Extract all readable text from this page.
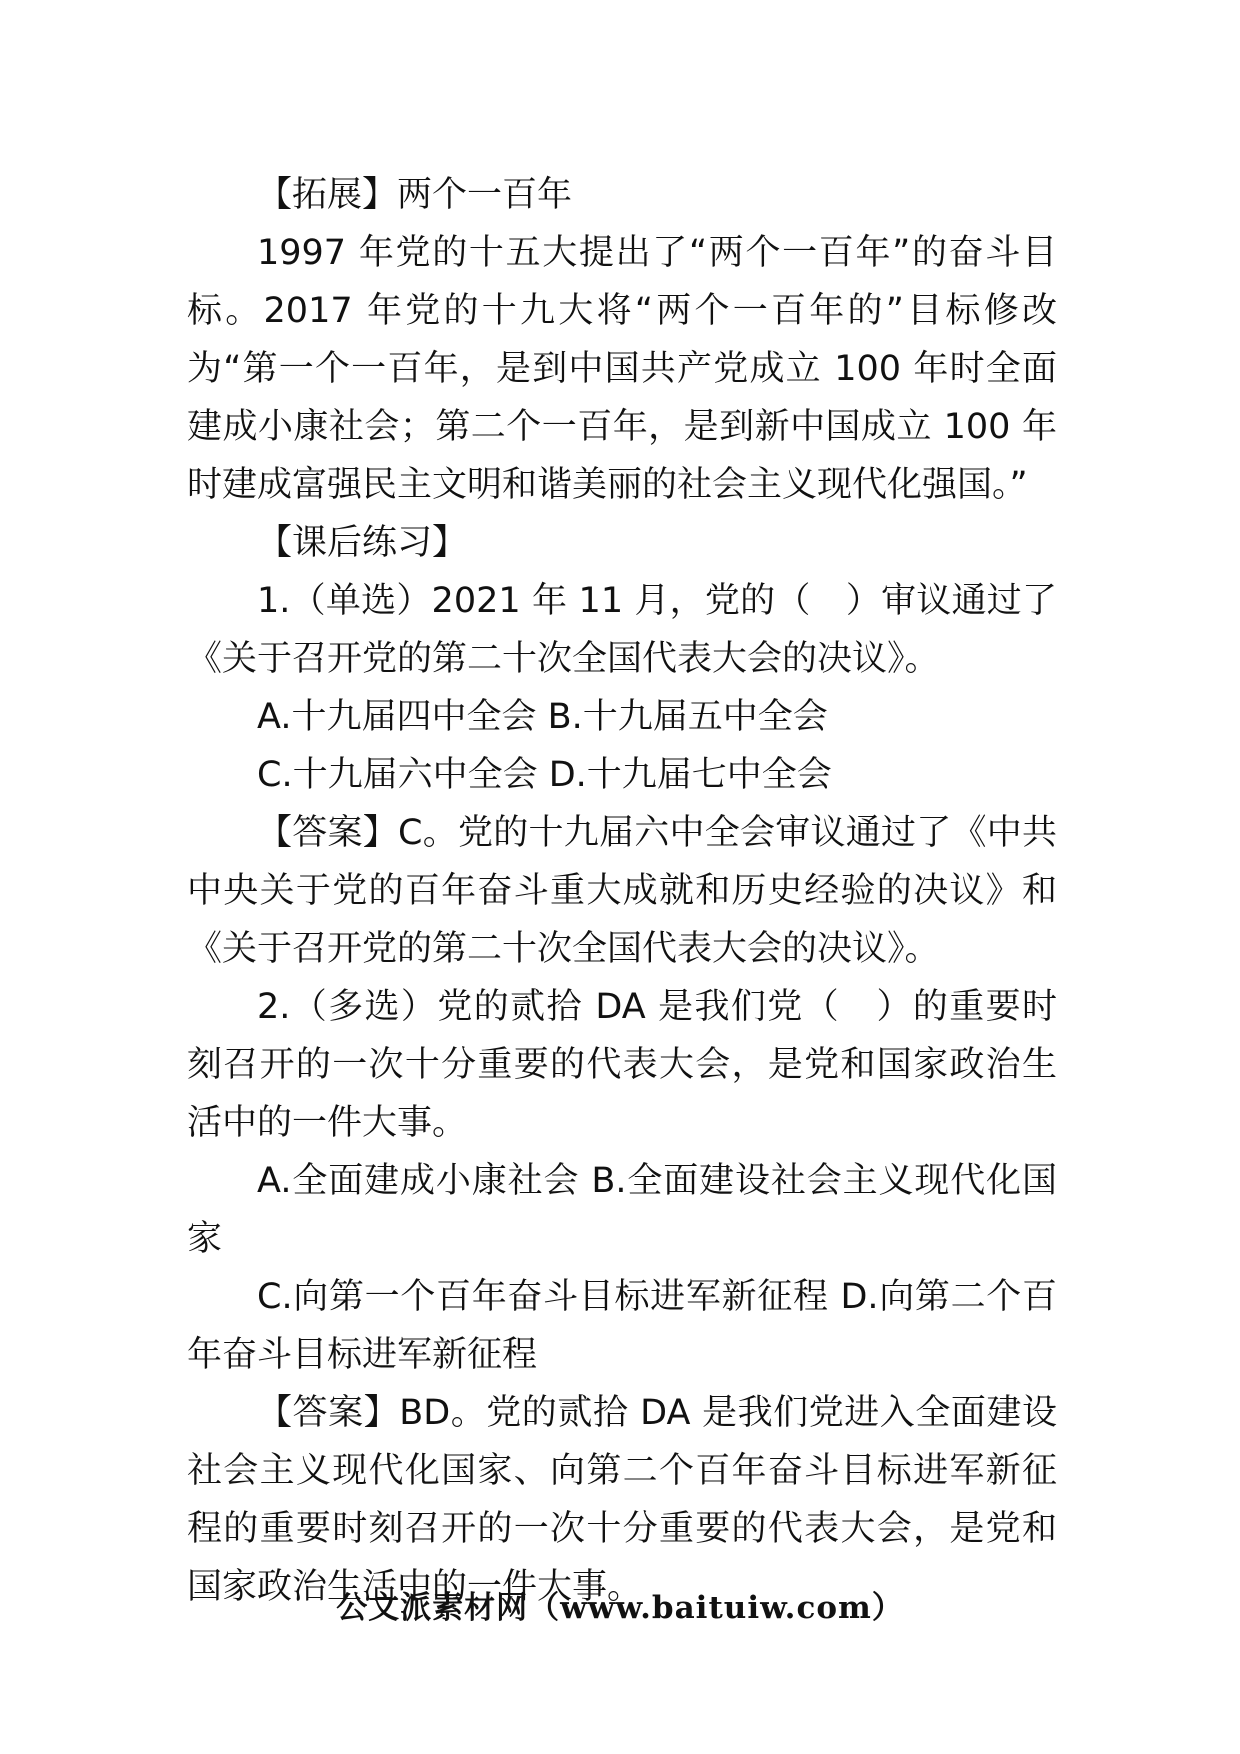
【拓展】两个一百年

1997 年党的十五大提出了“两个一百年”的奋斗目标。2017 年党的十九大将“两个一百年的”目标修改为“第一个一百年，是到中国共产党成立 100 年时全面建成小康社会；第二个一百年，是到新中国成立 100 年时建成富强民主文明和谐美丽的社会主义现代化强国。”

【课后练习】

1.（单选）2021 年 11 月，党的（　）审议通过了《关于召开党的第二十次全国代表大会的决议》。

A.十九届四中全会 B.十九届五中全会

C.十九届六中全会 D.十九届七中全会

【答案】C。党的十九届六中全会审议通过了《中共中央关于党的百年奋斗重大成就和历史经验的决议》和《关于召开党的第二十次全国代表大会的决议》。

2.（多选）党的贰拾 DA 是我们党（　）的重要时刻召开的一次十分重要的代表大会，是党和国家政治生活中的一件大事。

A.全面建成小康社会 B.全面建设社会主义现代化国家

C.向第一个百年奋斗目标进军新征程 D.向第二个百年奋斗目标进军新征程

【答案】BD。党的贰拾 DA 是我们党进入全面建设社会主义现代化国家、向第二个百年奋斗目标进军新征程的重要时刻召开的一次十分重要的代表大会，是党和国家政治生活中的一件大事。

公文派素材网（www.baituiw.com）
